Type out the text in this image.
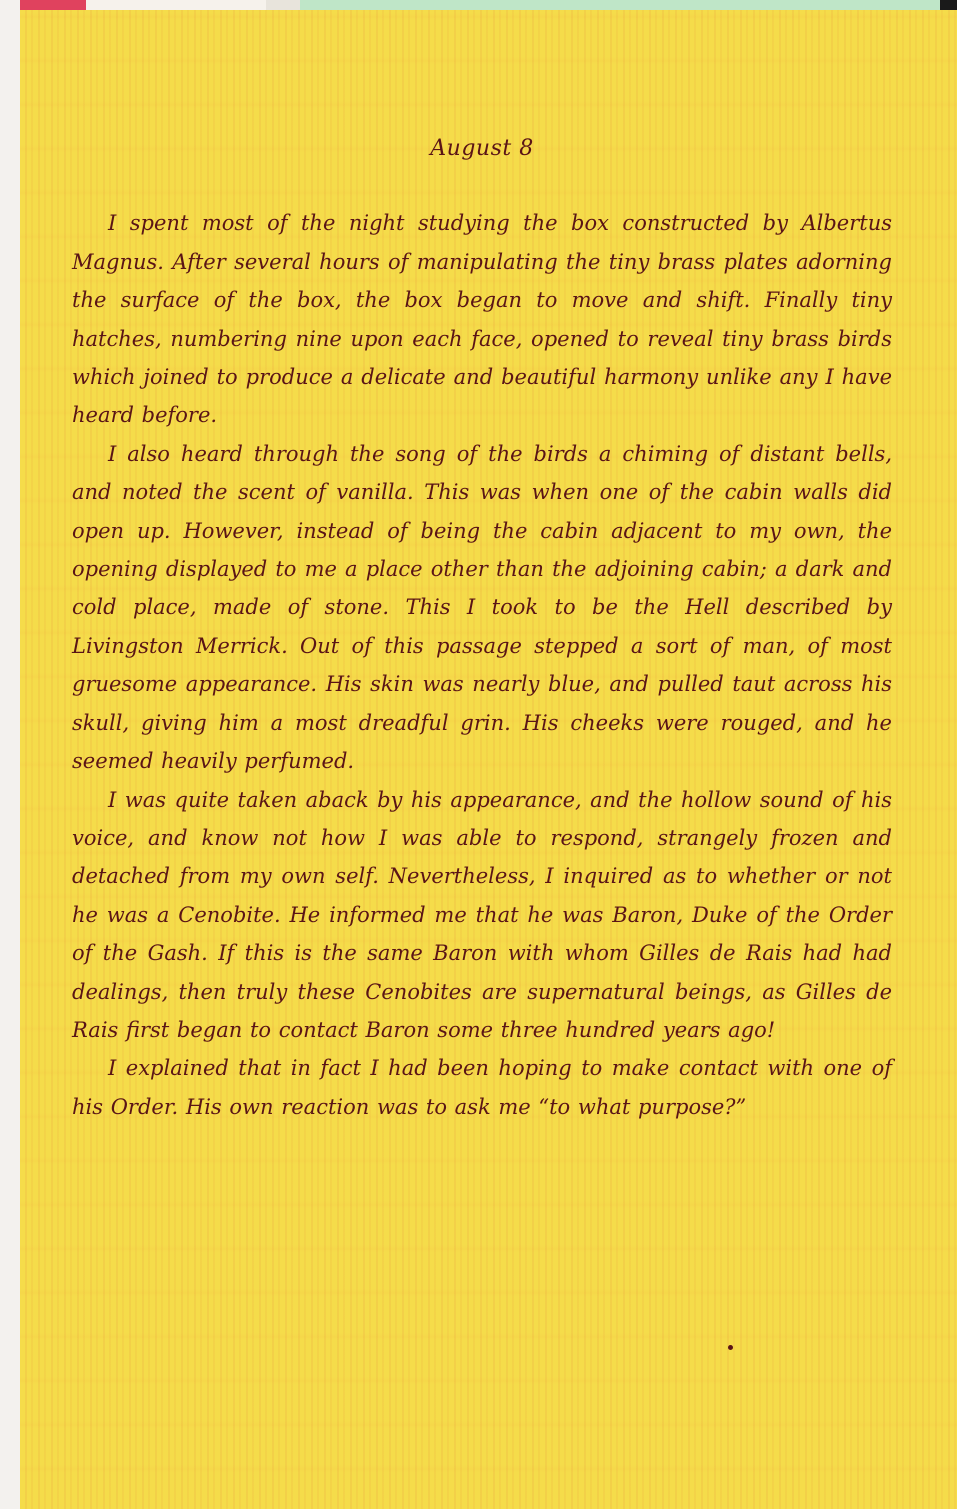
August 8

I spent most of the night studying the box constructed by Albertus Magnus. After several hours of manipulating the tiny brass plates adorning the surface of the box, the box began to move and shift. Finally tiny hatches, numbering nine upon each face, opened to reveal tiny brass birds which joined to produce a delicate and beautiful harmony unlike any I have heard before.

I also heard through the song of the birds a chiming of distant bells, and noted the scent of vanilla. This was when one of the cabin walls did open up. However, instead of being the cabin adjacent to my own, the opening displayed to me a place other than the adjoining cabin; a dark and cold place, made of stone. This I took to be the Hell described by Livingston Merrick. Out of this passage stepped a sort of man, of most gruesome appearance. His skin was nearly blue, and pulled taut across his skull, giving him a most dreadful grin. His cheeks were rouged, and he seemed heavily perfumed.

I was quite taken aback by his appearance, and the hollow sound of his voice, and know not how I was able to respond, strangely frozen and detached from my own self. Nevertheless, I inquired as to whether or not he was a Cenobite. He informed me that he was Baron, Duke of the Order of the Gash. If this is the same Baron with whom Gilles de Rais had had dealings, then truly these Cenobites are supernatural beings, as Gilles de Rais first began to contact Baron some three hundred years ago!

I explained that in fact I had been hoping to make contact with one of his Order. His own reaction was to ask me “to what purpose?”
